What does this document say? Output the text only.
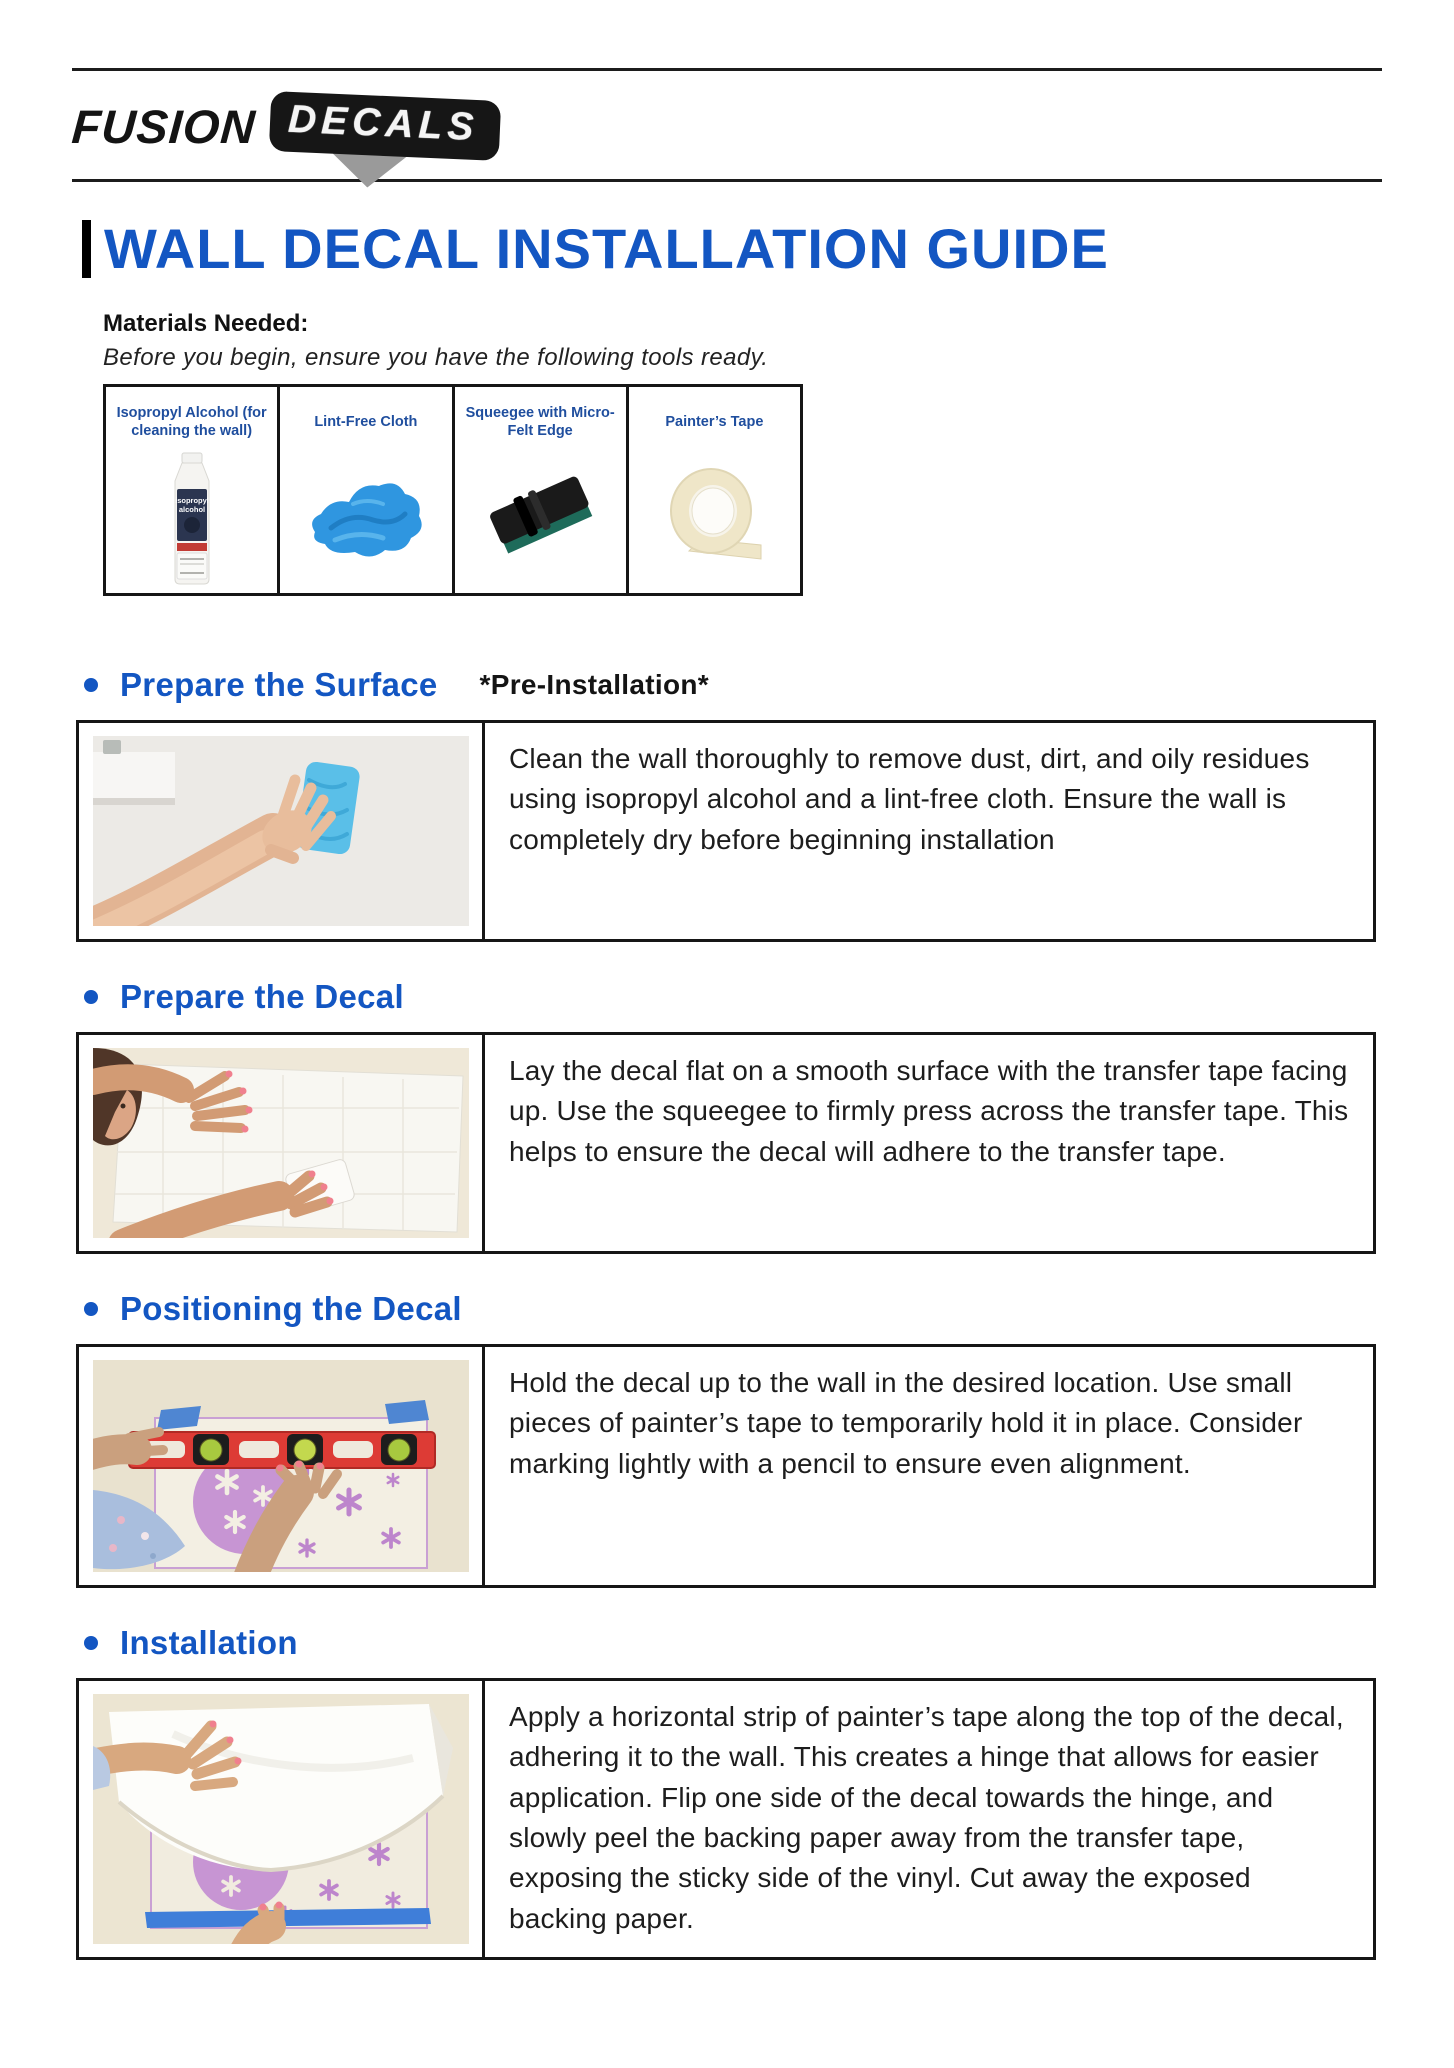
FUSION DECALS
WALL DECAL INSTALLATION GUIDE
Materials Needed:
Before you begin, ensure you have the following tools ready.
Isopropyl Alcohol (for cleaning the wall)
isopropyl
alcohol
Lint-Free Cloth
Squeegee with Micro-Felt Edge
Painter’s Tape
Prepare the Surface *Pre-Installation*
Clean the wall thoroughly to remove dust, dirt, and oily residues using isopropyl alcohol and a lint-free cloth. Ensure the wall is completely dry before beginning installation
Prepare the Decal
Lay the decal flat on a smooth surface with the transfer tape facing up. Use the squeegee to firmly press across the transfer tape. This helps to ensure the decal will adhere to the transfer tape.
Positioning the Decal
Hold the decal up to the wall in the desired location. Use small pieces of painter’s tape to temporarily hold it in place. Consider marking lightly with a pencil to ensure even alignment.
Installation
Apply a horizontal strip of painter’s tape along the top of the decal, adhering it to the wall. This creates a hinge that allows for easier application. Flip one side of the decal towards the hinge, and slowly peel the backing paper away from the transfer tape, exposing the sticky side of the vinyl. Cut away the exposed backing paper.
